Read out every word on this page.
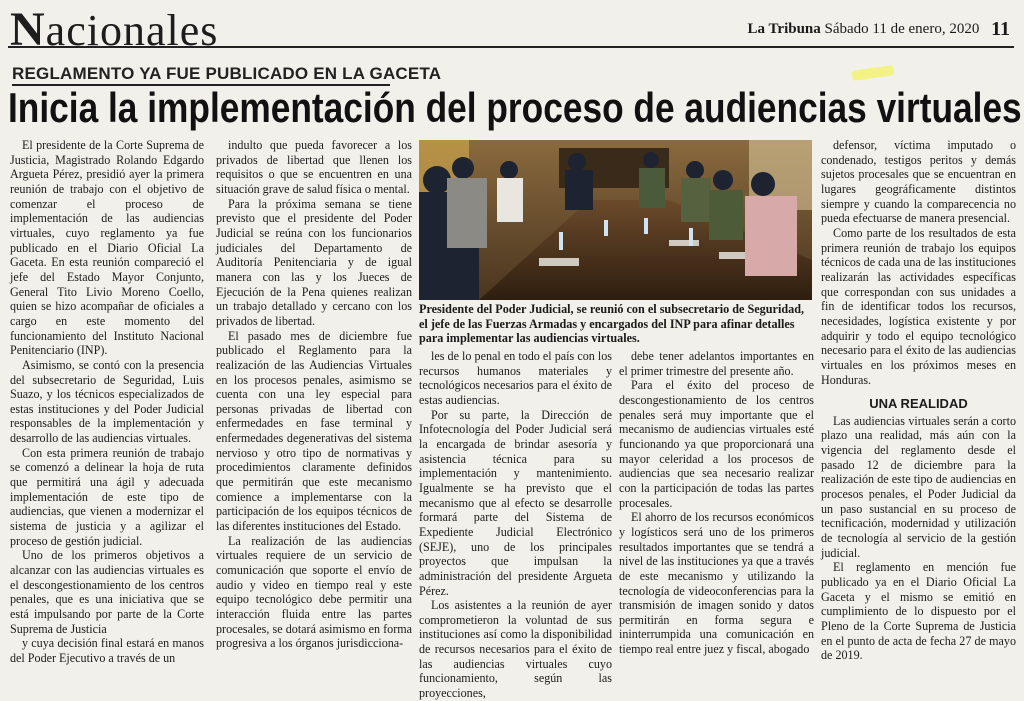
Nacionales	La Tribuna Sábado 11 de enero, 2020 11
REGLAMENTO YA FUE PUBLICADO EN LA GACETA
Inicia la implementación del proceso de audiencias virtuales

El presidente de la Corte Suprema de Justicia, Magistrado Rolando Edgardo Argueta Pérez, presidió ayer la primera reunión de trabajo con el objetivo de comenzar el proceso de implementación de las audiencias virtuales, cuyo reglamento ya fue publicado en el Diario Oficial La Gaceta. En esta reunión compareció el jefe del Estado Mayor Conjunto, General Tito Livio Moreno Coello, quien se hizo acompañar de oficiales a cargo en este momento del funcionamiento del Instituto Nacional Penitenciario (INP).

Asimismo, se contó con la presencia del subsecretario de Seguridad, Luis Suazo, y los técnicos especializados de estas instituciones y del Poder Judicial responsables de la implementación y desarrollo de las audiencias virtuales.

Con esta primera reunión de trabajo se comenzó a delinear la hoja de ruta que permitirá una ágil y adecuada implementación de este tipo de audiencias, que vienen a modernizar el sistema de justicia y a agilizar el proceso de gestión judicial.

Uno de los primeros objetivos a alcanzar con las audiencias virtuales es el descongestionamiento de los centros penales, que es una iniciativa que se está impulsando por parte de la Corte Suprema de Justicia

y cuya decisión final estará en manos del Poder Ejecutivo a través de un

indulto que pueda favorecer a los privados de libertad que llenen los requisitos o que se encuentren en una situación grave de salud física o mental.

Para la próxima semana se tiene previsto que el presidente del Poder Judicial se reúna con los funcionarios judiciales del Departamento de Auditoría Penitenciaria y de igual manera con las y los Jueces de Ejecución de la Pena quienes realizan un trabajo detallado y cercano con los privados de libertad.

El pasado mes de diciembre fue publicado el Reglamento para la realización de las Audiencias Virtuales en los procesos penales, asimismo se cuenta con una ley especial para personas privadas de libertad con enfermedades en fase terminal y enfermedades degenerativas del sistema nervioso y otro tipo de normativas y procedimientos claramente definidos que permitirán que este mecanismo comience a implementarse con la participación de los equipos técnicos de las diferentes instituciones del Estado.

La realización de las audiencias virtuales requiere de un servicio de comunicación que soporte el envío de audio y video en tiempo real y este equipo tecnológico debe permitir una interacción fluida entre las partes procesales, se dotará asimismo en forma progresiva a los órganos jurisdicciona-

Presidente del Poder Judicial, se reunió con el subsecretario de Seguridad, el jefe de las Fuerzas Armadas y encargados del INP para afinar detalles para implementar las audiencias virtuales.

les de lo penal en todo el país con los recursos humanos materiales y tecnológicos necesarios para el éxito de estas audiencias.

Por su parte, la Dirección de Infotecnología del Poder Judicial será la encargada de brindar asesoría y asistencia técnica para su implementación y mantenimiento. Igualmente se ha previsto que el mecanismo que al efecto se desarrolle formará parte del Sistema de Expediente Judicial Electrónico (SEJE), uno de los principales proyectos que impulsan la administración del presidente Argueta Pérez.

Los asistentes a la reunión de ayer comprometieron la voluntad de sus instituciones así como la disponibilidad de recursos necesarios para el éxito de las audiencias virtuales cuyo funcionamiento, según las proyecciones,

debe tener adelantos importantes en el primer trimestre del presente año.

Para el éxito del proceso de descongestionamiento de los centros penales será muy importante que el mecanismo de audiencias virtuales esté funcionando ya que proporcionará una mayor celeridad a los procesos de audiencias que sea necesario realizar con la participación de todas las partes procesales.

El ahorro de los recursos económicos y logísticos será uno de los primeros resultados importantes que se tendrá a nivel de las instituciones ya que a través de este mecanismo y utilizando la tecnología de videoconferencias para la transmisión de imagen sonido y datos permitirán en forma segura e ininterrumpida una comunicación en tiempo real entre juez y fiscal, abogado

defensor, víctima imputado o condenado, testigos peritos y demás sujetos procesales que se encuentran en lugares geográficamente distintos siempre y cuando la comparecencia no pueda efectuarse de manera presencial.

Como parte de los resultados de esta primera reunión de trabajo los equipos técnicos de cada una de las instituciones realizarán las actividades específicas que correspondan con sus unidades a fin de identificar todos los recursos, necesidades, logística existente y por adquirir y todo el equipo tecnológico necesario para el éxito de las audiencias virtuales en los próximos meses en Honduras.

UNA REALIDAD

Las audiencias virtuales serán a corto plazo una realidad, más aún con la vigencia del reglamento desde el pasado 12 de diciembre para la realización de este tipo de audiencias en procesos penales, el Poder Judicial da un paso sustancial en su proceso de tecnificación, modernidad y utilización de tecnología al servicio de la gestión judicial.

El reglamento en mención fue publicado ya en el Diario Oficial La Gaceta y el mismo se emitió en cumplimiento de lo dispuesto por el Pleno de la Corte Suprema de Justicia en el punto de acta de fecha 27 de mayo de 2019.
